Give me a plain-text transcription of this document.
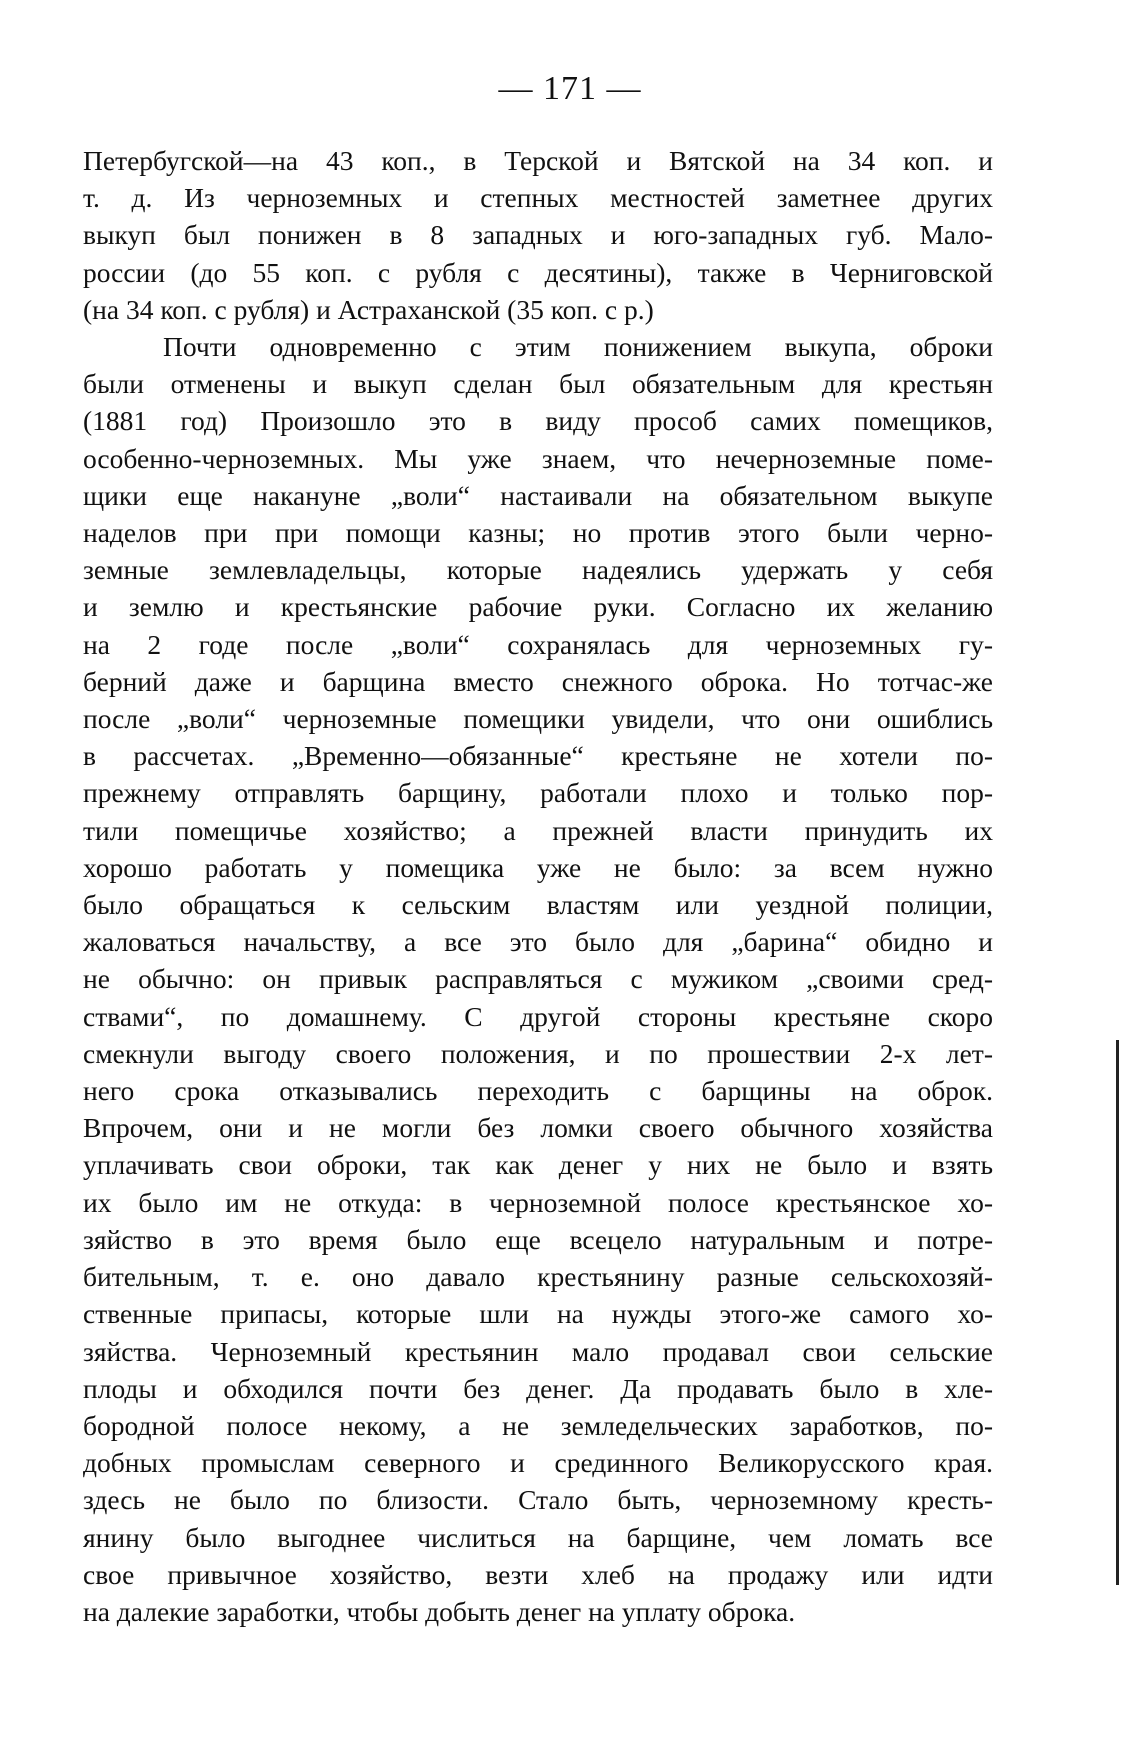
— 171 —
Петербугской—на 43 коп., в Терской и Вятской на 34 коп. и
т. д. Из черноземных и степных местностей заметнее других
выкуп был понижен в 8 западных и юго-западных губ. Мало-
россии (до 55 коп. с рубля с десятины), также в Черниговской
(на 34 коп. с рубля) и Астраханской (35 коп. с р.)
Почти одновременно с этим понижением выкупа, оброки
были отменены и выкуп сделан был обязательным для крестьян
(1881 год) Произошло это в виду прособ самих помещиков,
особенно-черноземных. Мы уже знаем, что нечерноземные поме-
щики еще накануне „воли“ настаивали на обязательном выкупе
наделов при при помощи казны; но против этого были черно-
земные землевладельцы, которые надеялись удержать у себя
и землю и крестьянские рабочие руки. Согласно их желанию
на 2 годе после „воли“ сохранялась для черноземных гу-
берний даже и барщина вместо снежного оброка. Но тотчас-же
после „воли“ черноземные помещики увидели, что они ошиблись
в рассчетах. „Временно—обязанные“ крестьяне не хотели по-
прежнему отправлять барщину, работали плохо и только пор-
тили помещичье хозяйство; а прежней власти принудить их
хорошо работать у помещика уже не было: за всем нужно
было обращаться к сельским властям или уездной полиции,
жаловаться начальству, а все это было для „барина“ обидно и
не обычно: он привык расправляться с мужиком „своими сред-
ствами“, по домашнему. С другой стороны крестьяне скоро
смекнули выгоду своего положения, и по прошествии 2-х лет-
него срока отказывались переходить с барщины на оброк.
Впрочем, они и не могли без ломки своего обычного хозяйства
уплачивать свои оброки, так как денег у них не было и взять
их было им не откуда: в черноземной полосе крестьянское хо-
зяйство в это время было еще всецело натуральным и потре-
бительным, т. е. оно давало крестьянину разные сельскохозяй-
ственные припасы, которые шли на нужды этого-же самого хо-
зяйства. Черноземный крестьянин мало продавал свои сельские
плоды и обходился почти без денег. Да продавать было в хле-
бородной полосе некому, а не земледельческих заработков, по-
добных промыслам северного и срединного Великорусского края.
здесь не было по близости. Стало быть, черноземному кресть-
янину было выгоднее числиться на барщине, чем ломать все
свое привычное хозяйство, везти хлеб на продажу или идти
на далекие заработки, чтобы добыть денег на уплату оброка.
